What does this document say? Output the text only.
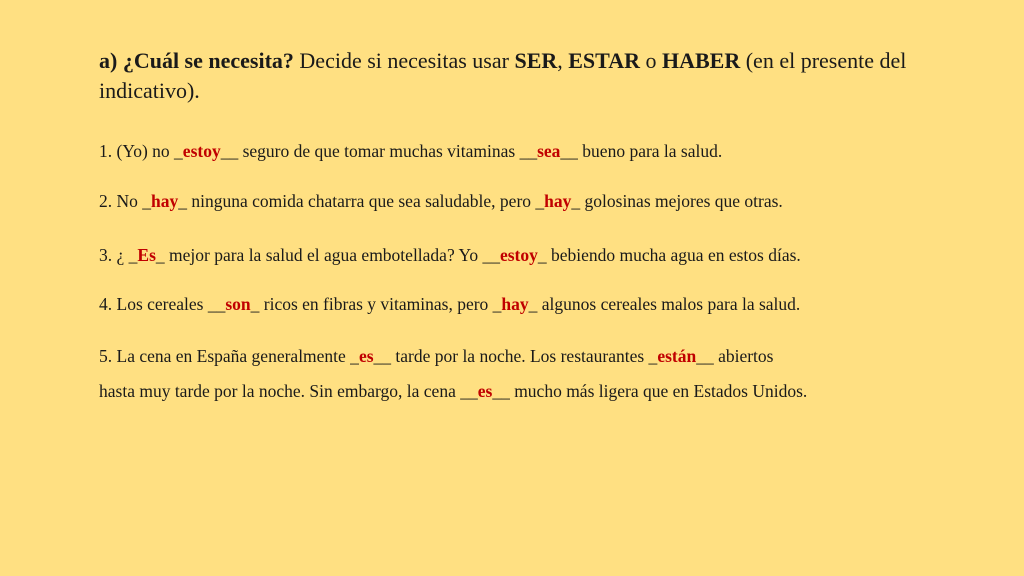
a) ¿Cuál se necesita? Decide si necesitas usar SER, ESTAR o HABER (en el presente del indicativo).
1. (Yo) no _estoy__ seguro de que tomar muchas vitaminas __sea__ bueno para la salud.
2. No _hay_ ninguna comida chatarra que sea saludable, pero _hay_ golosinas mejores que otras.
3. ¿ _Es_ mejor para la salud el agua embotellada? Yo __estoy_ bebiendo mucha agua en estos días.
4. Los cereales __son_ ricos en fibras y vitaminas, pero _hay_ algunos cereales malos para la salud.
5. La cena en España generalmente _es__ tarde por la noche. Los restaurantes _están__ abiertos
hasta muy tarde por la noche. Sin embargo, la cena __es__ mucho más ligera que en Estados Unidos.
